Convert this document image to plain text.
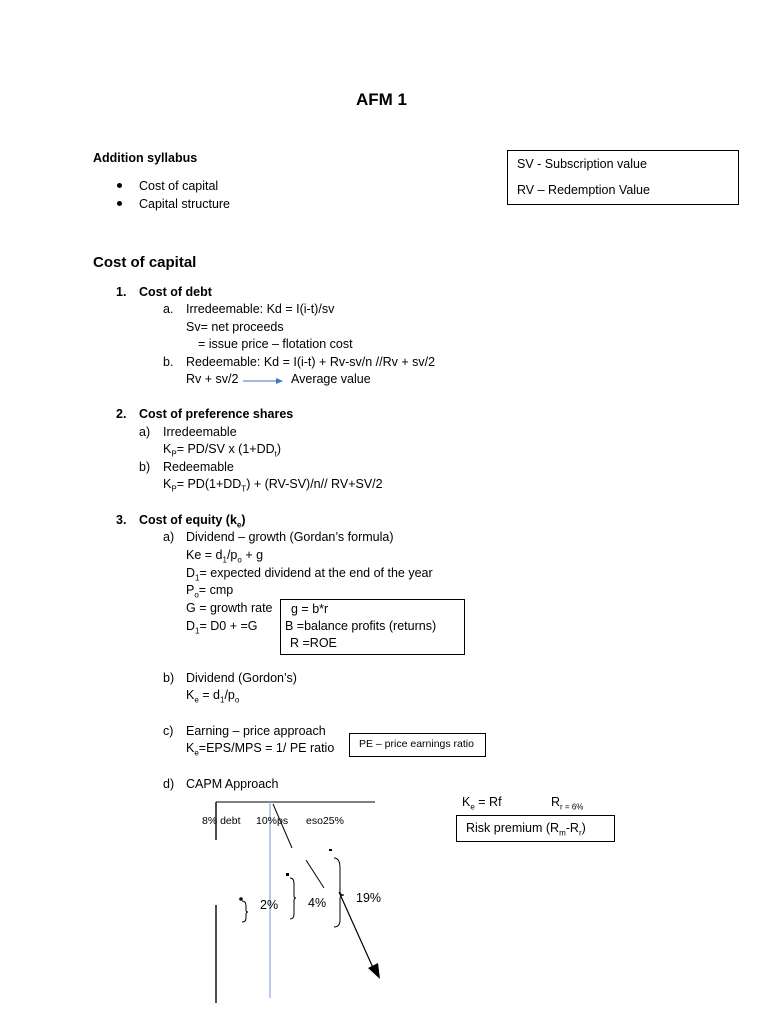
AFM 1
Addition syllabus
Cost of capital
Capital structure
SV - Subscription value
RV – Redemption Value
Cost of capital
1. Cost of debt
a. Irredeemable: Kd = I(i-t)/sv
Sv= net proceeds
= issue price – flotation cost
b. Redeemable: Kd = I(i-t) + Rv-sv/n //Rv + sv/2
Rv + sv/2	Average value
2. Cost of preference shares
a) Irredeemable
$K_P= PD/SV$ x $(1+DD_t)$
b) Redeemable
$K_P= PD(1+DD_T) + (RV-SV)/n//$ RV+SV/2
3. Cost of equity $(k_e)$
a) Dividend – growth (Gordan’s formula)
$Ke = d_1/p_o + g$
$D_1=$ expected dividend at the end of the year
$P_o=$ cmp
G = growth rate
$D_1= D0 + =G$
g = b*r
B =balance profits (returns)
R =ROE
b) Dividend (Gordon’s)
$K_e = d_1/p_o$
c) Earning – price approach
$K_e=EPS$/MPS = 1/ PE ratio PE – price earnings ratio
d) CAPM Approach
$K_e = Rf$	$R_{r = 6\%}$
Risk premium $(R_m-R_r)$
8% debt 10%ps eso25%
2% 4% 19%
